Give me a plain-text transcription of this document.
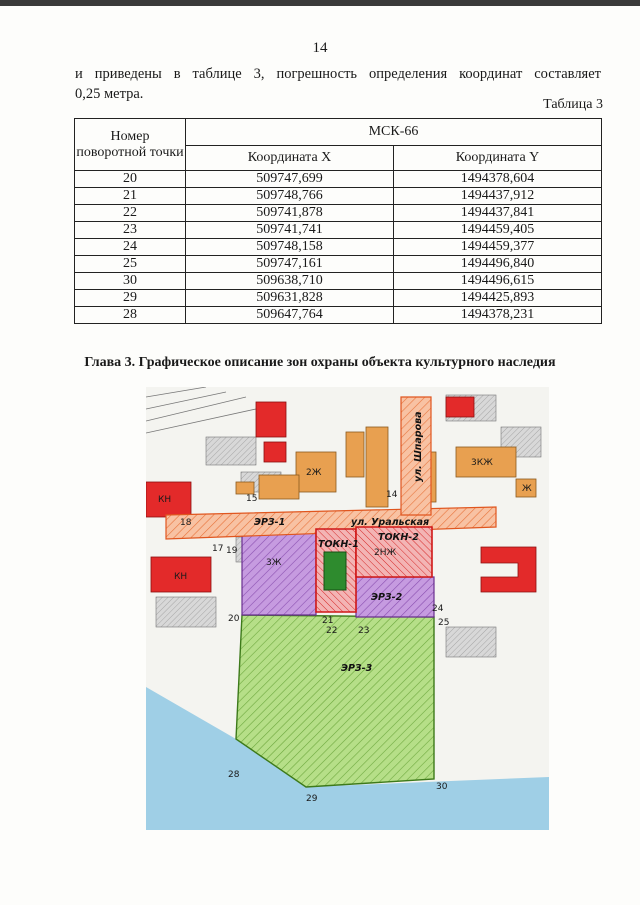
14
и приведены в таблице 3, погрешность определения координат составляет
0,25 метра.
Таблица 3
Номер поворотной точки	МСК-66	
	Координата X	Координата Y
20	509747,699	1494378,604
21	509748,766	1494437,912
22	509741,878	1494437,841
23	509741,741	1494459,405
24	509748,158	1494459,377
25	509747,161	1494496,840
30	509638,710	1494496,615
29	509631,828	1494425,893
28	509647,764	1494378,231
Глава 3. Графическое описание зон охраны объекта культурного наследия
ЭРЗ-3
ЭРЗ-2
ЭРЗ-1
ТОКН-1
ТОКН-2
ул. Уральская
ул. Шпарова
КН
КН
3Ж
2Ж
3КЖ
Ж
2НЖ
14
15
17
18
19
20	21
22 23
24
25
28
29
30
